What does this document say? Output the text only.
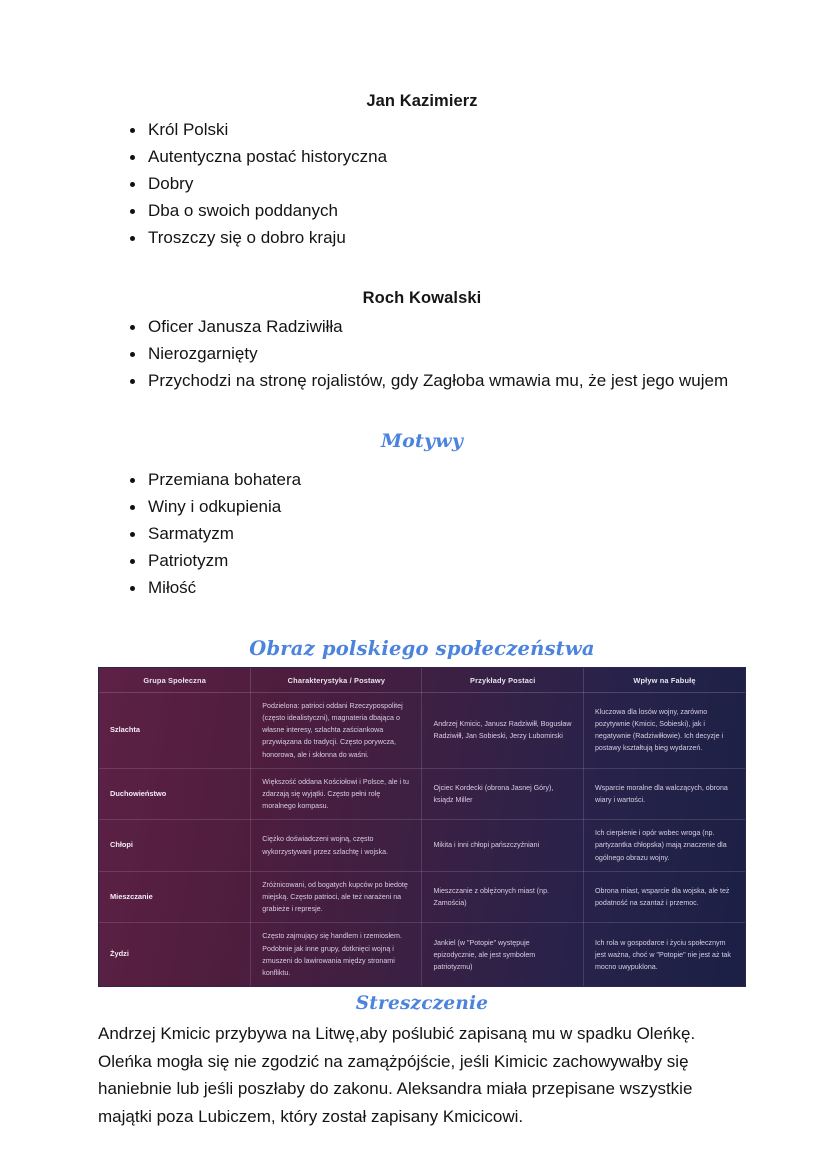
Jan Kazimierz
Król Polski
Autentyczna postać historyczna
Dobry
Dba o swoich poddanych
Troszczy się o dobro kraju
Roch Kowalski
Oficer Janusza Radziwiłła
Nierozgarnięty
Przychodzi na stronę rojalistów, gdy Zagłoba wmawia mu, że jest jego wujem
Motywy
Przemiana bohatera
Winy i odkupienia
Sarmatyzm
Patriotyzm
Miłość
Obraz polskiego społeczeństwa
Grupa Społeczna	Charakterystyka / Postawy	Przykłady Postaci	Wpływ na Fabułę
Szlachta	Podzielona: patrioci oddani Rzeczypospolitej (często idealistyczni), magnateria dbająca o własne interesy, szlachta zaściankowa przywiązana do tradycji. Często porywcza, honorowa, ale i skłonna do waśni.	Andrzej Kmicic, Janusz Radziwiłł, Bogusław Radziwiłł, Jan Sobieski, Jerzy Lubomirski	Kluczowa dla losów wojny, zarówno pozytywnie (Kmicic, Sobieski), jak i negatywnie (Radziwiłłowie). Ich decyzje i postawy kształtują bieg wydarzeń.
Duchowieństwo	Większość oddana Kościołowi i Polsce, ale i tu zdarzają się wyjątki. Często pełni rolę moralnego kompasu.	Ojciec Kordecki (obrona Jasnej Góry), ksiądz Miller	Wsparcie moralne dla walczących, obrona wiary i wartości.
Chłopi	Ciężko doświadczeni wojną, często wykorzystywani przez szlachtę i wojska.	Mikita i inni chłopi pańszczyźniani	Ich cierpienie i opór wobec wroga (np. partyzantka chłopska) mają znaczenie dla ogólnego obrazu wojny.
Mieszczanie	Zróżnicowani, od bogatych kupców po biedotę miejską. Często patrioci, ale też narażeni na grabieże i represje.	Mieszczanie z oblężonych miast (np. Zamościa)	Obrona miast, wsparcie dla wojska, ale też podatność na szantaż i przemoc.
Żydzi	Często zajmujący się handlem i rzemiosłem. Podobnie jak inne grupy, dotknięci wojną i zmuszeni do lawirowania między stronami konfliktu.	Jankiel (w "Potopie" występuje epizodycznie, ale jest symbolem patriotyzmu)	Ich rola w gospodarce i życiu społecznym jest ważna, choć w "Potopie" nie jest aż tak mocno uwypuklona.
Streszczenie

Andrzej Kmicic przybywa na Litwę,aby poślubić zapisaną mu w spadku Oleńkę. Oleńka mogła się nie zgodzić na zamążpójście, jeśli Kimicic zachowywałby się haniebnie lub jeśli poszłaby do zakonu. Aleksandra miała przepisane wszystkie majątki poza Lubiczem, który został zapisany Kmicicowi.
